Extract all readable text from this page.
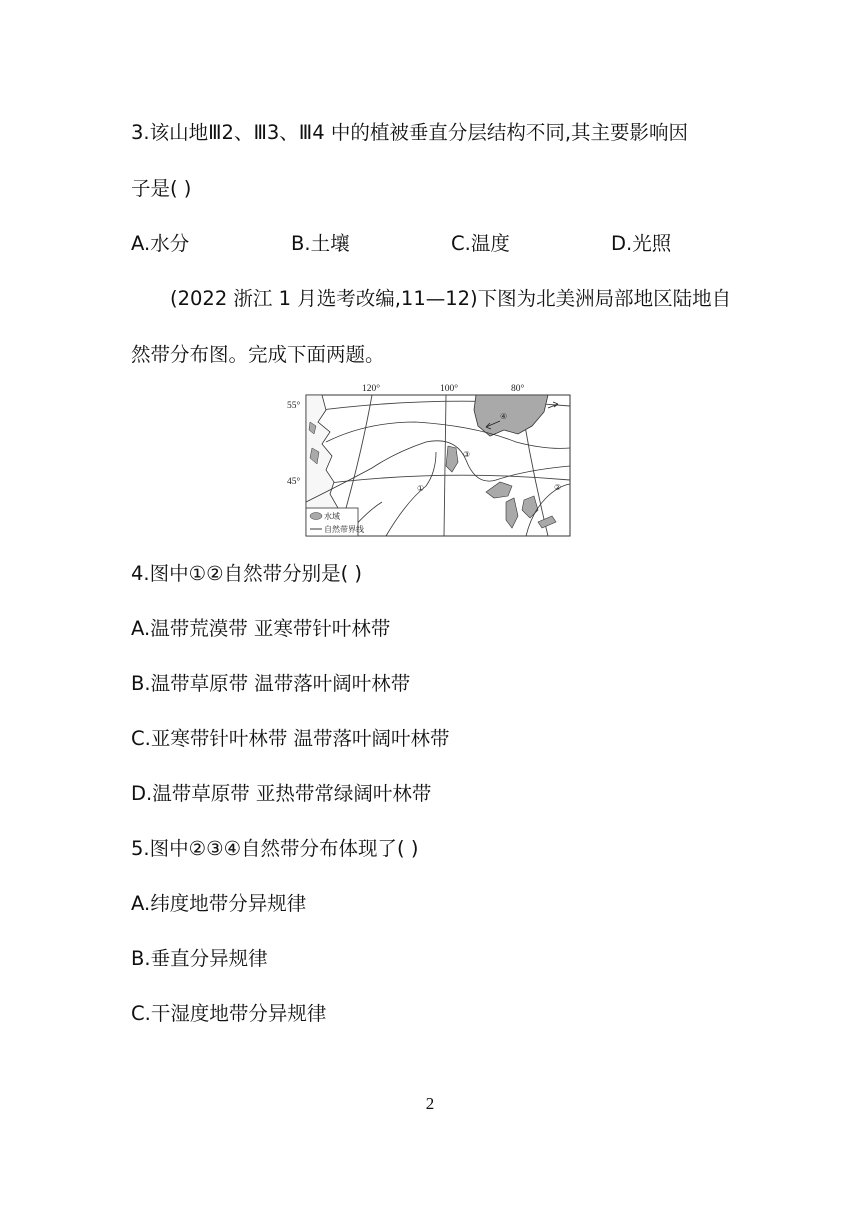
3.该山地Ⅲ2、Ⅲ3、Ⅲ4 中的植被垂直分层结构不同,其主要影响因
子是( )
A.水分	B.土壤	C.温度	D.光照
(2022 浙江 1 月选考改编,11—12)下图为北美洲局部地区陆地自
然带分布图。完成下面两题。
120°	100°	80°
55°
45°
①	②
③
④
水域
自然带界线
4.图中①②自然带分别是( )
A.温带荒漠带 亚寒带针叶林带
B.温带草原带 温带落叶阔叶林带
C.亚寒带针叶林带 温带落叶阔叶林带
D.温带草原带 亚热带常绿阔叶林带
5.图中②③④自然带分布体现了( )
A.纬度地带分异规律
B.垂直分异规律
C.干湿度地带分异规律
2
